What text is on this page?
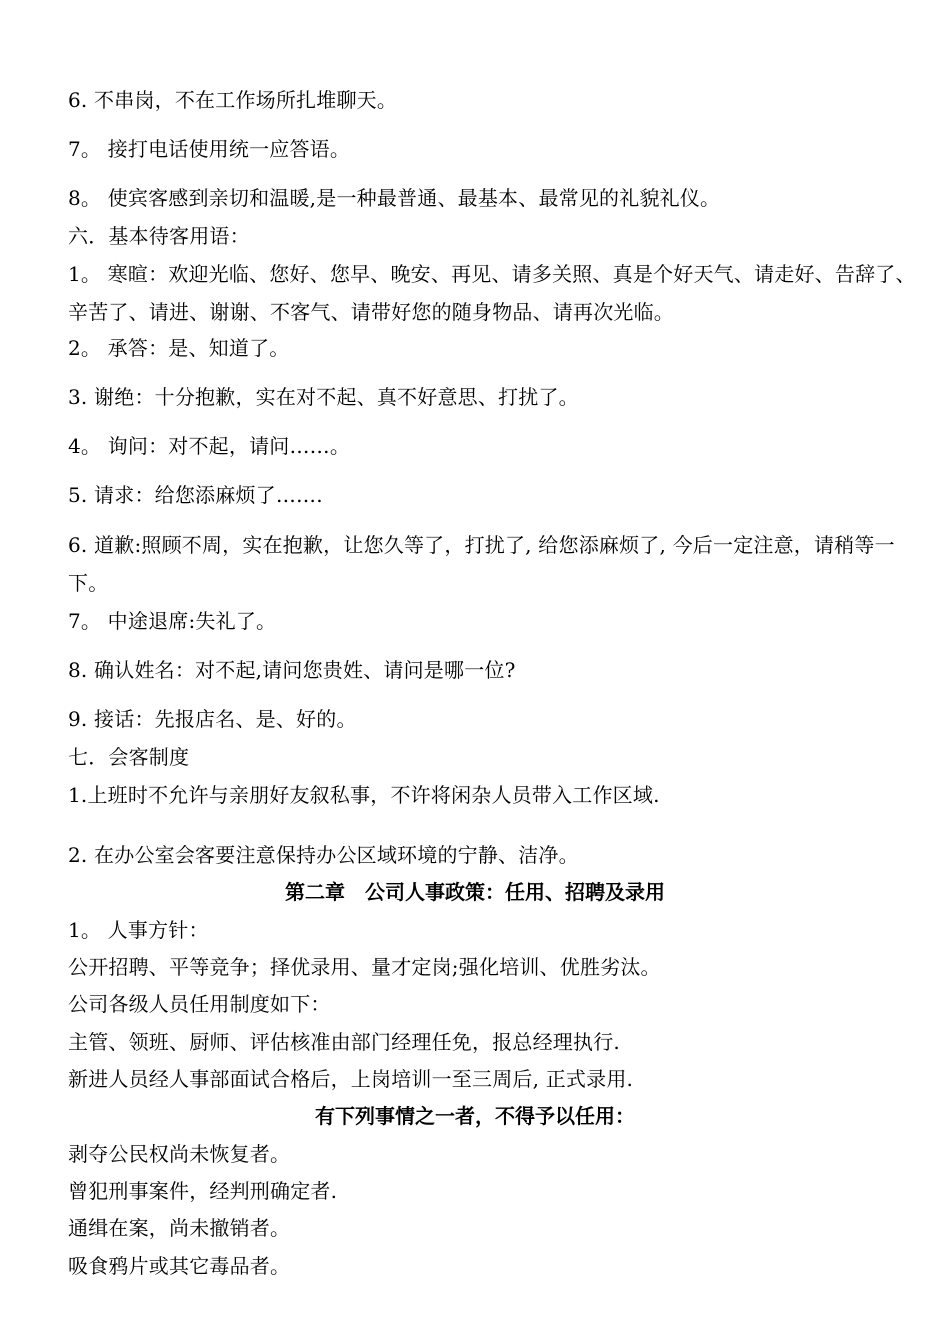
6. 不串岗，不在工作场所扎堆聊天。
7。 接打电话使用统一应答语。
8。 使宾客感到亲切和温暖,是一种最普通、最基本、最常见的礼貌礼仪。
六．基本待客用语：
1。 寒暄：欢迎光临、您好、您早、晚安、再见、请多关照、真是个好天气、请走好、告辞了、辛苦了、请进、谢谢、不客气、请带好您的随身物品、请再次光临。
2。 承答：是、知道了。
3. 谢绝：十分抱歉，实在对不起、真不好意思、打扰了。
4。 询问：对不起，请问……。
5. 请求：给您添麻烦了…….
6. 道歉:照顾不周，实在抱歉，让您久等了，打扰了, 给您添麻烦了, 今后一定注意，请稍等一下。
7。 中途退席:失礼了。
8. 确认姓名：对不起,请问您贵姓、请问是哪一位?
9. 接话：先报店名、是、好的。
七．会客制度
1.上班时不允许与亲朋好友叙私事，不许将闲杂人员带入工作区域.
2. 在办公室会客要注意保持办公区域环境的宁静、洁净。
第二章　公司人事政策：任用、招聘及录用
1。 人事方针：
公开招聘、平等竞争；择优录用、量才定岗;强化培训、优胜劣汰。
公司各级人员任用制度如下：
主管、领班、厨师、评估核准由部门经理任免，报总经理执行.
新进人员经人事部面试合格后，上岗培训一至三周后, 正式录用.
有下列事情之一者，不得予以任用：
剥夺公民权尚未恢复者。
曾犯刑事案件，经判刑确定者.
通缉在案，尚未撤销者。
吸食鸦片或其它毒品者。
